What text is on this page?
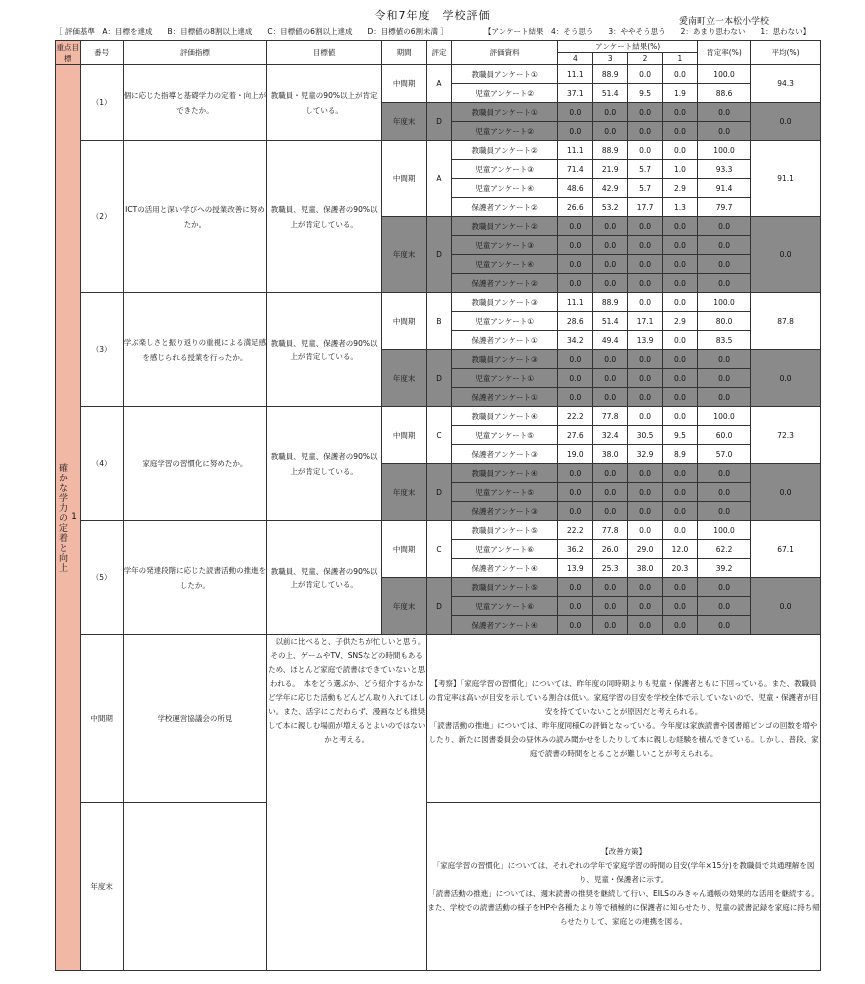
令和7年度　学校評価	愛南町立一本松小学校
［ 評価基準　A：目標を達成　　B：目標値の8割以上達成　　C：目標値の6割以上達成　　D：目標値の6割未満 ］	【アンケート結果　4：そう思う　　3：ややそう思う　　2：あまり思わない　　1：思わない】
重点目標	番号	評価指標	目標値	期間	評定	評価資料	アンケート結果(%)				肯定率(%)	平均(%)
							4	3	2	1		

1
確かな学力の定着と向上	（1）	個に応じた指導と基礎学力の定着・向上ができたか。	教職員・児童の90%以上が肯定している。	中間期	A	教職員アンケート①	11.1	88.9	0.0	0.0	100.0	94.3
						児童アンケート②	37.1	51.4	9.5	1.9	88.6	
				年度末	D	教職員アンケート①	0.0	0.0	0.0	0.0	0.0	0.0
						児童アンケート②	0.0	0.0	0.0	0.0	0.0	
	（2）	ICTの活用と深い学びへの授業改善に努めたか。	教職員、児童、保護者の90%以上が肯定している。	中間期	A	教職員アンケート②	11.1	88.9	0.0	0.0	100.0	91.1
						児童アンケート③	71.4	21.9	5.7	1.0	93.3	
						児童アンケート④	48.6	42.9	5.7	2.9	91.4	
						保護者アンケート②	26.6	53.2	17.7	1.3	79.7	
				年度末	D	教職員アンケート②	0.0	0.0	0.0	0.0	0.0	0.0
						児童アンケート③	0.0	0.0	0.0	0.0	0.0	
						児童アンケート④	0.0	0.0	0.0	0.0	0.0	
						保護者アンケート②	0.0	0.0	0.0	0.0	0.0	
	（3）	学ぶ楽しさと振り返りの重視による満足感を感じられる授業を行ったか。	教職員、児童、保護者の90%以上が肯定している。	中間期	B	教職員アンケート③	11.1	88.9	0.0	0.0	100.0	87.8
						児童アンケート①	28.6	51.4	17.1	2.9	80.0	
						保護者アンケート①	34.2	49.4	13.9	0.0	83.5	
				年度末	D	教職員アンケート③	0.0	0.0	0.0	0.0	0.0	0.0
						児童アンケート①	0.0	0.0	0.0	0.0	0.0	
						保護者アンケート①	0.0	0.0	0.0	0.0	0.0	
	（4）	家庭学習の習慣化に努めたか。	教職員、児童、保護者の90%以上が肯定している。	中間期	C	教職員アンケート④	22.2	77.8	0.0	0.0	100.0	72.3
						児童アンケート⑤	27.6	32.4	30.5	9.5	60.0	
						保護者アンケート③	19.0	38.0	32.9	8.9	57.0	
				年度末	D	教職員アンケート④	0.0	0.0	0.0	0.0	0.0	0.0
						児童アンケート⑤	0.0	0.0	0.0	0.0	0.0	
						保護者アンケート③	0.0	0.0	0.0	0.0	0.0	
	（5）	学年の発達段階に応じた読書活動の推進をしたか。	教職員、児童、保護者の90%以上が肯定している。	中間期	C	教職員アンケート⑤	22.2	77.8	0.0	0.0	100.0	67.1
						児童アンケート⑥	36.2	26.0	29.0	12.0	62.2	
						保護者アンケート④	13.9	25.3	38.0	20.3	39.2	
				年度末	D	教職員アンケート⑤	0.0	0.0	0.0	0.0	0.0	0.0
						児童アンケート⑥	0.0	0.0	0.0	0.0	0.0	
						保護者アンケート④	0.0	0.0	0.0	0.0	0.0	
	中間期	学校運営協議会の所見	以前に比べると、子供たちが忙しいと思う。その上、ゲームやTV、SNSなどの時間もあるため、ほとんど家庭で読書はできていないと思われる。　本をどう選ぶか、どう紹介するかなど学年に応じた活動もどんどん取り入れてほしい。また、活字にこだわらず、漫画なども推奨して本に親しむ場面が増えるとよいのではないかと考える。		【考察】「家庭学習の習慣化」については、昨年度の同時期よりも児童・保護者ともに下回っている。また、教職員の肯定率は高いが目安を示している割合は低い。家庭学習の目安を学校全体で示していないので、児童・保護者が目安を持てていないことが原因だと考えられる。

「読書活動の推進」については、昨年度同様Cの評価となっている。今年度は家族読書や図書館ビンゴの回数を増やしたり、新たに図書委員会の昼休みの読み聞かせをしたりして本に親しむ経験を積んできている。しかし、普段、家庭で読書の時間をとることが難しいことが考えられる。							

	年度末				【改善方策】

「家庭学習の習慣化」については、それぞれの学年で家庭学習の時間の目安(学年×15分)を教職員で共通理解を図り、児童・保護者に示す。

「読書活動の推進」については、週末読書の推奨を継続して行い、EILSのみきゃん通帳の効果的な活用を継続する。また、学校での読書活動の様子をHPや各種たより等で積極的に保護者に知らせたり、児童の読書記録を家庭に持ち帰らせたりして、家庭との連携を図る。							
